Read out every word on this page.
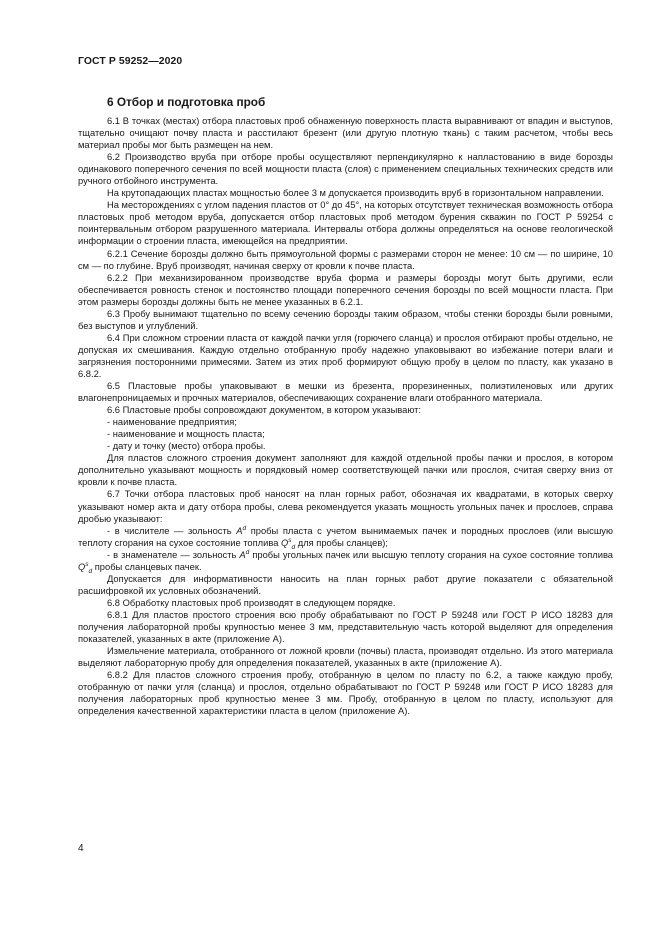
ГОСТ Р 59252—2020
6 Отбор и подготовка проб

6.1 В точках (местах) отбора пластовых проб обнаженную поверхность пласта выравнивают от впадин и выступов, тщательно очищают почву пласта и расстилают брезент (или другую плотную ткань) с таким расчетом, чтобы весь материал пробы мог быть размещен на нем.

6.2 Производство вруба при отборе пробы осуществляют перпендикулярно к напластованию в виде борозды одинакового поперечного сечения по всей мощности пласта (слоя) с применением специальных технических средств или ручного отбойного инструмента.

На крутопадающих пластах мощностью более 3 м допускается производить вруб в горизонтальном направлении.

На месторождениях с углом падения пластов от 0° до 45°, на которых отсутствует техническая возможность отбора пластовых проб методом вруба, допускается отбор пластовых проб методом бурения скважин по ГОСТ Р 59254 с поинтервальным отбором разрушенного материала. Интервалы отбора должны определяться на основе геологической информации о строении пласта, имеющейся на предприятии.

6.2.1 Сечение борозды должно быть прямоугольной формы с размерами сторон не менее: 10 см — по ширине, 10 см — по глубине. Вруб производят, начиная сверху от кровли к почве пласта.

6.2.2 При механизированном производстве вруба форма и размеры борозды могут быть другими, если обеспечивается ровность стенок и постоянство площади поперечного сечения борозды по всей мощности пласта. При этом размеры борозды должны быть не менее указанных в 6.2.1.

6.3 Пробу вынимают тщательно по всему сечению борозды таким образом, чтобы стенки борозды были ровными, без выступов и углублений.

6.4 При сложном строении пласта от каждой пачки угля (горючего сланца) и прослоя отбирают пробы отдельно, не допуская их смешивания. Каждую отдельно отобранную пробу надежно упаковывают во избежание потери влаги и загрязнения посторонними примесями. Затем из этих проб формируют общую пробу в целом по пласту, как указано в 6.8.2.

6.5 Пластовые пробы упаковывают в мешки из брезента, прорезиненных, полиэтиленовых или других влагонепроницаемых и прочных материалов, обеспечивающих сохранение влаги отобранного материала.

6.6 Пластовые пробы сопровождают документом, в котором указывают:

- наименование предприятия;

- наименование и мощность пласта;

- дату и точку (место) отбора пробы.

Для пластов сложного строения документ заполняют для каждой отдельной пробы пачки и прослоя, в котором дополнительно указывают мощность и порядковый номер соответствующей пачки или прослоя, считая сверху вниз от кровли к почве пласта.

6.7 Точки отбора пластовых проб наносят на план горных работ, обозначая их квадратами, в которых сверху указывают номер акта и дату отбора пробы, слева рекомендуется указать мощность угольных пачек и прослоев, справа дробью указывают:

- в числителе — зольность $A^d$ пробы пласта с учетом вынимаемых пачек и породных прослоев (или высшую теплоту сгорания на сухое состояние топлива $Q^s_d$ для пробы сланцев);

- в знаменателе — зольность $A^d$ пробы угольных пачек или высшую теплоту сгорания на сухое состояние топлива $Q^s_d$ пробы сланцевых пачек.

Допускается для информативности наносить на план горных работ другие показатели с обязательной расшифровкой их условных обозначений.

6.8 Обработку пластовых проб производят в следующем порядке.

6.8.1 Для пластов простого строения всю пробу обрабатывают по ГОСТ Р 59248 или ГОСТ Р ИСО 18283 для получения лабораторной пробы крупностью менее 3 мм, представительную часть которой выделяют для определения показателей, указанных в акте (приложение А).

Измельчение материала, отобранного от ложной кровли (почвы) пласта, производят отдельно. Из этого материала выделяют лабораторную пробу для определения показателей, указанных в акте (приложение А).

6.8.2 Для пластов сложного строения пробу, отобранную в целом по пласту по 6.2, а также каждую пробу, отобранную от пачки угля (сланца) и прослоя, отдельно обрабатывают по ГОСТ Р 59248 или ГОСТ Р ИСО 18283 для получения лабораторных проб крупностью менее 3 мм. Пробу, отобранную в целом по пласту, используют для определения качественной характеристики пласта в целом (приложение А).

4
